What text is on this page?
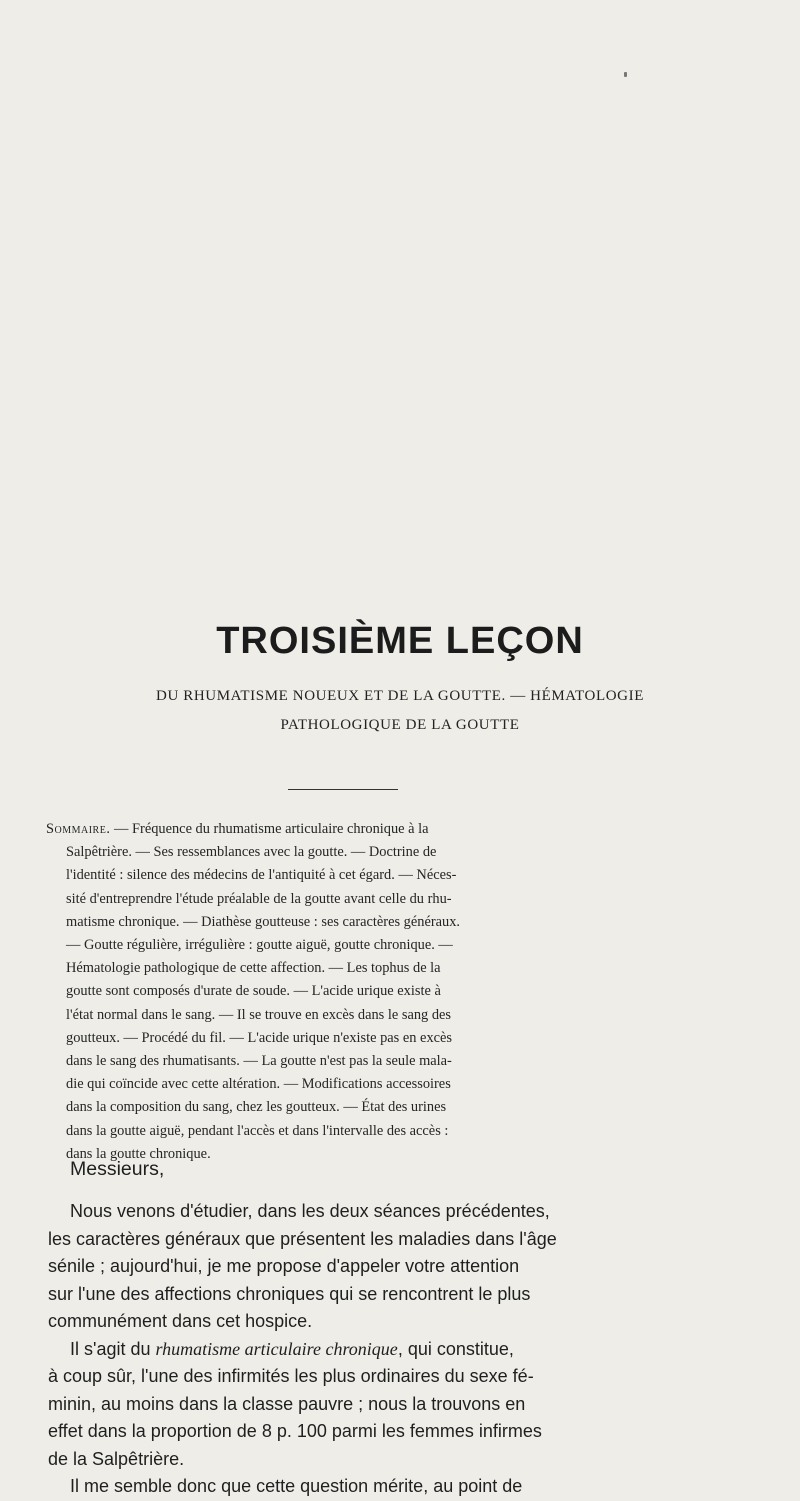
TROISIÈME LEÇON
DU RHUMATISME NOUEUX ET DE LA GOUTTE. — HÉMATOLOGIE
PATHOLOGIQUE DE LA GOUTTE
Sommaire. — Fréquence du rhumatisme articulaire chronique à la
Salpêtrière. — Ses ressemblances avec la goutte. — Doctrine de
l'identité : silence des médecins de l'antiquité à cet égard. — Néces-
sité d'entreprendre l'étude préalable de la goutte avant celle du rhu-
matisme chronique. — Diathèse goutteuse : ses caractères généraux.
— Goutte régulière, irrégulière : goutte aiguë, goutte chronique. —
Hématologie pathologique de cette affection. — Les tophus de la
goutte sont composés d'urate de soude. — L'acide urique existe à
l'état normal dans le sang. — Il se trouve en excès dans le sang des
goutteux. — Procédé du fil. — L'acide urique n'existe pas en excès
dans le sang des rhumatisants. — La goutte n'est pas la seule mala-
die qui coïncide avec cette altération. — Modifications accessoires
dans la composition du sang, chez les goutteux. — État des urines
dans la goutte aiguë, pendant l'accès et dans l'intervalle des accès :
dans la goutte chronique.
Messieurs,
Nous venons d'étudier, dans les deux séances précédentes,
les caractères généraux que présentent les maladies dans l'âge
sénile ; aujourd'hui, je me propose d'appeler votre attention
sur l'une des affections chroniques qui se rencontrent le plus
communément dans cet hospice.
Il s'agit du rhumatisme articulaire chronique, qui constitue,
à coup sûr, l'une des infirmités les plus ordinaires du sexe fé-
minin, au moins dans la classe pauvre ; nous la trouvons en
effet dans la proportion de 8 p. 100 parmi les femmes infirmes
de la Salpêtrière.
Il me semble donc que cette question mérite, au point de
